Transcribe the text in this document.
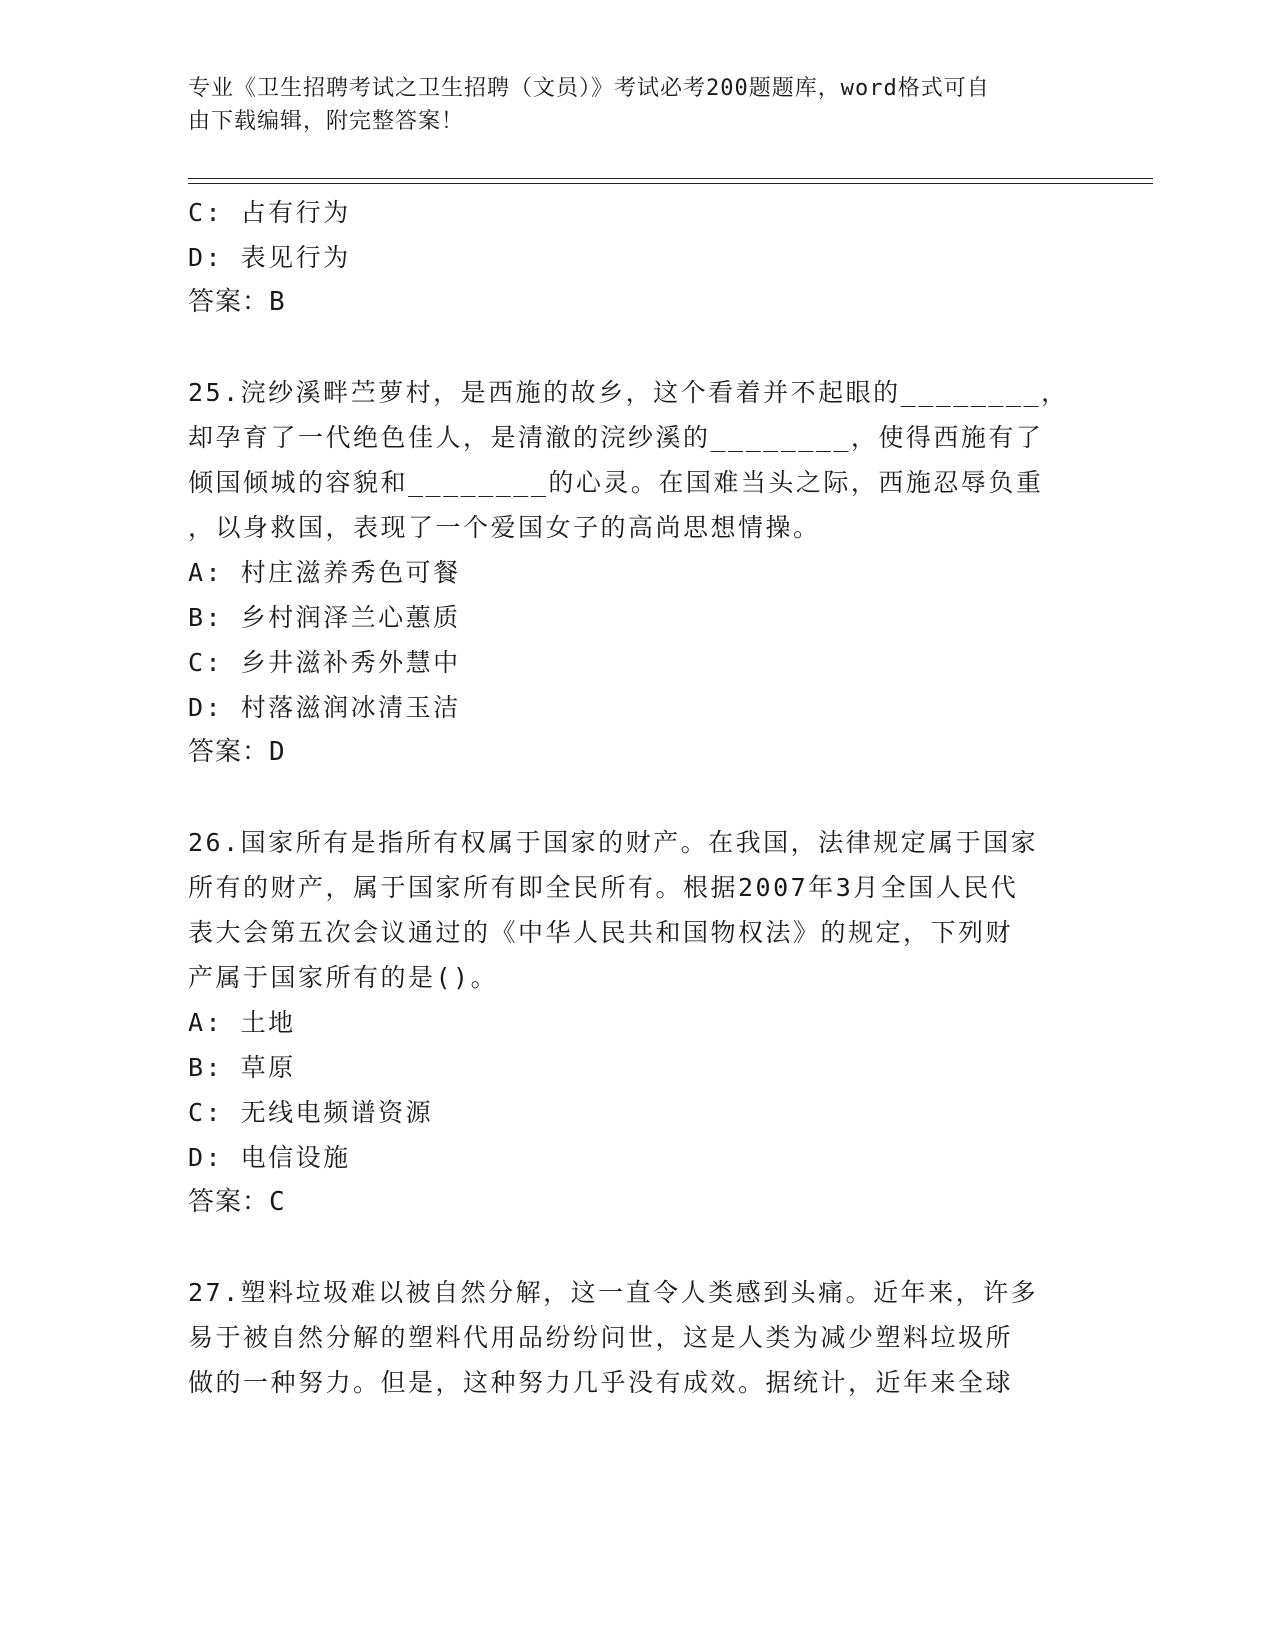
专业《卫生招聘考试之卫生招聘（文员）》考试必考200题题库，word格式可自
由下载编辑，附完整答案！
C: 占有行为
D: 表见行为
答案：B
25.浣纱溪畔苎萝村，是西施的故乡，这个看着并不起眼的________，
却孕育了一代绝色佳人，是清澈的浣纱溪的________，使得西施有了
倾国倾城的容貌和________的心灵。在国难当头之际，西施忍辱负重
，以身救国，表现了一个爱国女子的高尚思想情操。
A: 村庄滋养秀色可餐
B: 乡村润泽兰心蕙质
C: 乡井滋补秀外慧中
D: 村落滋润冰清玉洁
答案：D
26.国家所有是指所有权属于国家的财产。在我国，法律规定属于国家
所有的财产，属于国家所有即全民所有。根据2007年3月全国人民代
表大会第五次会议通过的《中华人民共和国物权法》的规定，下列财
产属于国家所有的是()。
A: 土地
B: 草原
C: 无线电频谱资源
D: 电信设施
答案：C
27.塑料垃圾难以被自然分解，这一直令人类感到头痛。近年来，许多
易于被自然分解的塑料代用品纷纷问世，这是人类为减少塑料垃圾所
做的一种努力。但是，这种努力几乎没有成效。据统计，近年来全球
